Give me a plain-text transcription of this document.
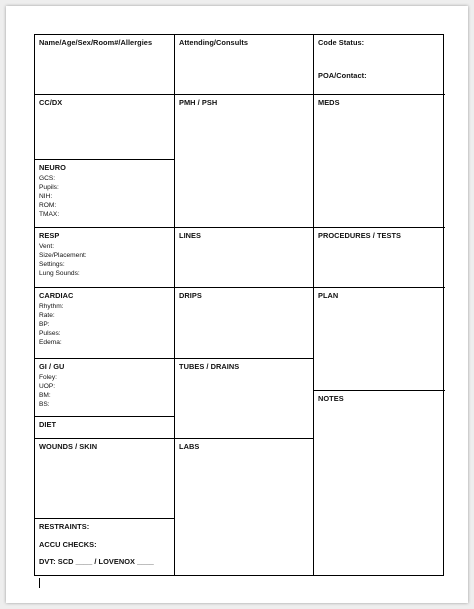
Name/Age/Sex/Room#/Allergies	Attending/Consults	Code Status:
POA/Contact:
CC/DX
NEURO
GCS:
Pupils:
NIH:
ROM:
TMAX:
RESP
Vent:
Size/Placement:
Settings:
Lung Sounds:
CARDIAC
Rhythm:
Rate:
BP:
Pulses:
Edema:
GI / GU
Foley:
UOP:
BM:
BS:
DIET
WOUNDS / SKIN
RESTRAINTS:
ACCU CHECKS:
DVT: SCD ____ / LOVENOX ____
PMH / PSH
LINES
DRIPS
TUBES / DRAINS
LABS
MEDS
PROCEDURES / TESTS
PLAN
NOTES
